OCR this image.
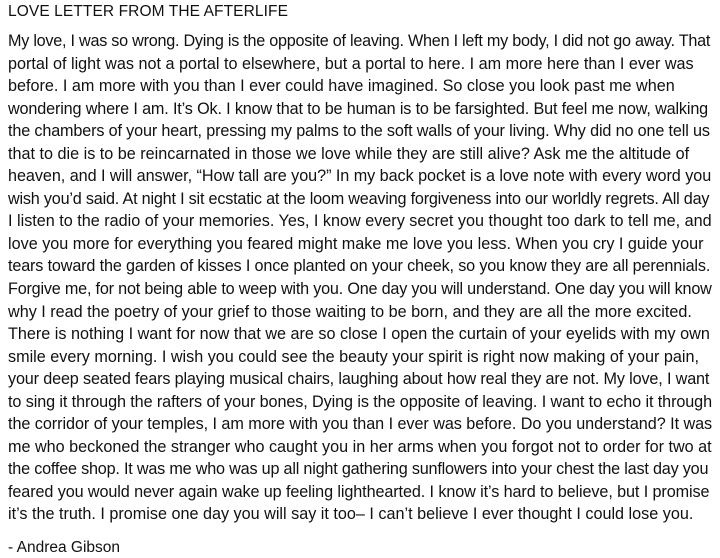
LOVE LETTER FROM THE AFTERLIFE
My love, I was so wrong. Dying is the opposite of leaving. When I left my body, I did not go away. That
portal of light was not a portal to elsewhere, but a portal to here. I am more here than I ever was
before. I am more with you than I ever could have imagined. So close you look past me when
wondering where I am. It’s Ok. I know that to be human is to be farsighted. But feel me now, walking
the chambers of your heart, pressing my palms to the soft walls of your living. Why did no one tell us
that to die is to be reincarnated in those we love while they are still alive? Ask me the altitude of
heaven, and I will answer, “How tall are you?” In my back pocket is a love note with every word you
wish you’d said. At night I sit ecstatic at the loom weaving forgiveness into our worldly regrets. All day
I listen to the radio of your memories. Yes, I know every secret you thought too dark to tell me, and
love you more for everything you feared might make me love you less. When you cry I guide your
tears toward the garden of kisses I once planted on your cheek, so you know they are all perennials.
Forgive me, for not being able to weep with you. One day you will understand. One day you will know
why I read the poetry of your grief to those waiting to be born, and they are all the more excited.
There is nothing I want for now that we are so close I open the curtain of your eyelids with my own
smile every morning. I wish you could see the beauty your spirit is right now making of your pain,
your deep seated fears playing musical chairs, laughing about how real they are not. My love, I want
to sing it through the rafters of your bones, Dying is the opposite of leaving. I want to echo it through
the corridor of your temples, I am more with you than I ever was before. Do you understand? It was
me who beckoned the stranger who caught you in her arms when you forgot not to order for two at
the coffee shop. It was me who was up all night gathering sunflowers into your chest the last day you
feared you would never again wake up feeling lighthearted. I know it’s hard to believe, but I promise
it’s the truth. I promise one day you will say it too– I can’t believe I ever thought I could lose you.
- Andrea Gibson
